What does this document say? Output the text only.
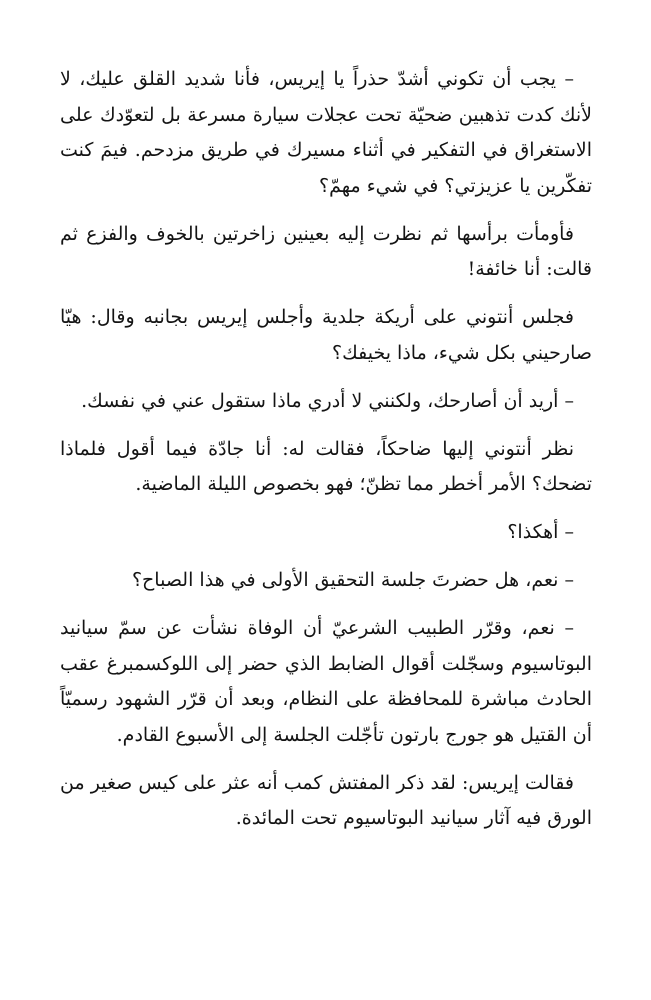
– يجب أن تكوني أشدّ حذراً يا إيريس، فأنا شديد القلق عليك، لا لأنك كدت تذهبين ضحيّة تحت عجلات سيارة مسرعة بل لتعوّدك على الاستغراق في التفكير في أثناء مسيرك في طريق مزدحم. فيمَ كنت تفكّرين يا عزيزتي؟ في شيء مهمّ؟

فأومأت برأسها ثم نظرت إليه بعينين زاخرتين بالخوف والفزع ثم قالت: أنا خائفة!

فجلس أنتوني على أريكة جلدية وأجلس إيريس بجانبه وقال: هيّا صارحيني بكل شيء، ماذا يخيفك؟

– أريد أن أصارحك، ولكنني لا أدري ماذا ستقول عني في نفسك.

نظر أنتوني إليها ضاحكاً، فقالت له: أنا جادّة فيما أقول فلماذا تضحك؟ الأمر أخطر مما تظنّ؛ فهو بخصوص الليلة الماضية.

– أهكذا؟

– نعم، هل حضرتَ جلسة التحقيق الأولى في هذا الصباح؟

– نعم، وقرّر الطبيب الشرعيّ أن الوفاة نشأت عن سمّ سيانيد البوتاسيوم وسجّلت أقوال الضابط الذي حضر إلى اللوكسمبرغ عقب الحادث مباشرة للمحافظة على النظام، وبعد أن قرّر الشهود رسميّاً أن القتيل هو جورج بارتون تأجّلت الجلسة إلى الأسبوع القادم.

فقالت إيريس: لقد ذكر المفتش كمب أنه عثر على كيس صغير من الورق فيه آثار سيانيد البوتاسيوم تحت المائدة.
